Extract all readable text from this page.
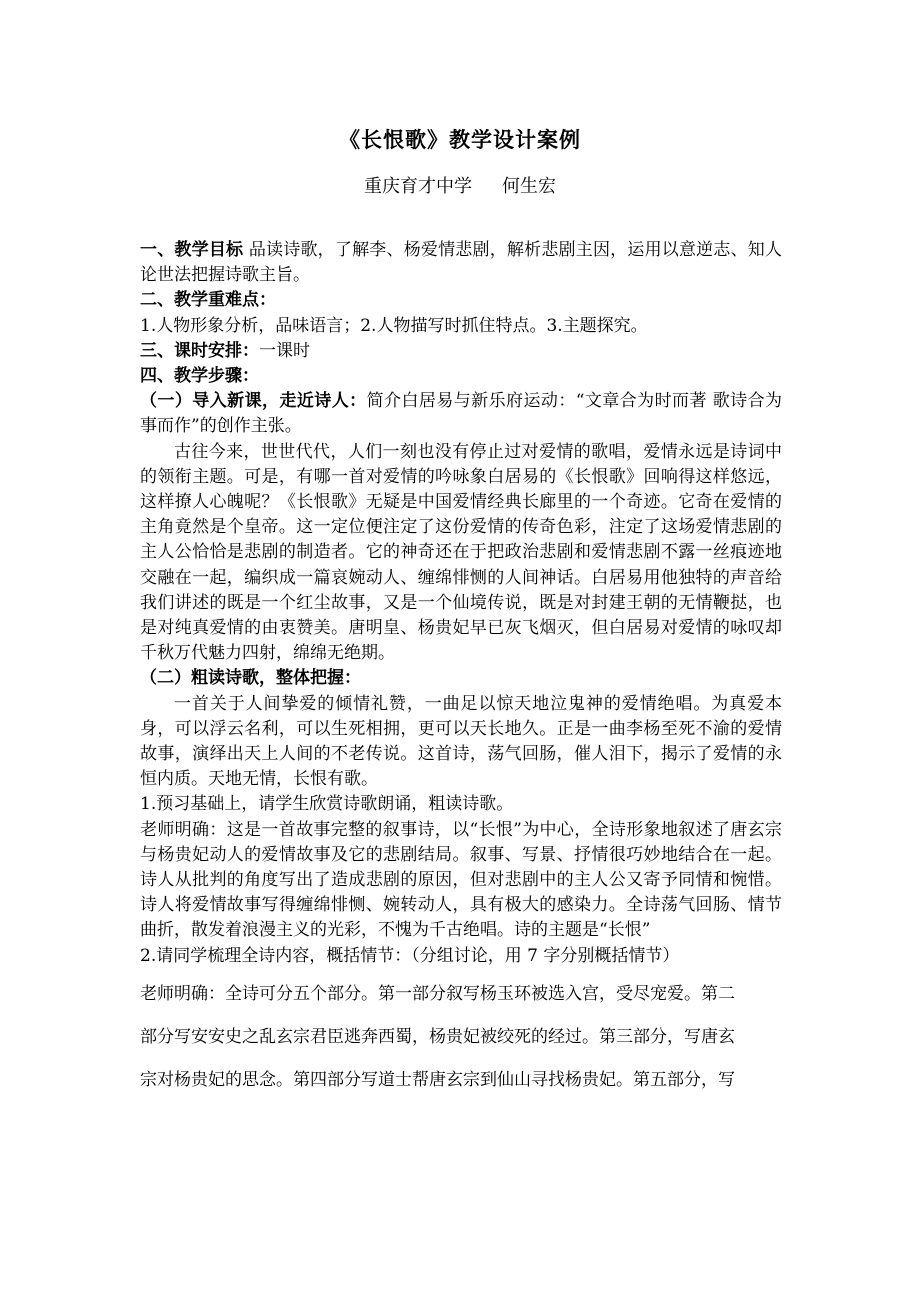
《长恨歌》教学设计案例
重庆育才中学 何生宏

一、教学目标 品读诗歌，了解李、杨爱情悲剧，解析悲剧主因，运用以意逆志、知人论世法把握诗歌主旨。

二、教学重难点：

1.人物形象分析，品味语言；2.人物描写时抓住特点。3.主题探究。

三、课时安排：一课时

四、教学步骤：

（一）导入新课，走近诗人：简介白居易与新乐府运动：“文章合为时而著 歌诗合为事而作”的创作主张。

古往今来，世世代代，人们一刻也没有停止过对爱情的歌唱，爱情永远是诗词中的领衔主题。可是，有哪一首对爱情的吟咏象白居易的《长恨歌》回响得这样悠远，这样撩人心魄呢？《长恨歌》无疑是中国爱情经典长廊里的一个奇迹。它奇在爱情的主角竟然是个皇帝。这一定位便注定了这份爱情的传奇色彩，注定了这场爱情悲剧的主人公恰恰是悲剧的制造者。它的神奇还在于把政治悲剧和爱情悲剧不露一丝痕迹地交融在一起，编织成一篇哀婉动人、缠绵悱恻的人间神话。白居易用他独特的声音给我们讲述的既是一个红尘故事，又是一个仙境传说，既是对封建王朝的无情鞭挞，也是对纯真爱情的由衷赞美。唐明皇、杨贵妃早已灰飞烟灭，但白居易对爱情的咏叹却千秋万代魅力四射，绵绵无绝期。

（二）粗读诗歌，整体把握：

一首关于人间挚爱的倾情礼赞，一曲足以惊天地泣鬼神的爱情绝唱。为真爱本身，可以浮云名利，可以生死相拥，更可以天长地久。正是一曲李杨至死不渝的爱情故事，演绎出天上人间的不老传说。这首诗，荡气回肠，催人泪下，揭示了爱情的永恒内质。天地无情，长恨有歌。

1.预习基础上，请学生欣赏诗歌朗诵，粗读诗歌。

老师明确：这是一首故事完整的叙事诗，以“长恨”为中心，全诗形象地叙述了唐玄宗与杨贵妃动人的爱情故事及它的悲剧结局。叙事、写景、抒情很巧妙地结合在一起。诗人从批判的角度写出了造成悲剧的原因，但对悲剧中的主人公又寄予同情和惋惜。诗人将爱情故事写得缠绵悱恻、婉转动人，具有极大的感染力。全诗荡气回肠、情节曲折，散发着浪漫主义的光彩，不愧为千古绝唱。诗的主题是“长恨”

2.请同学梳理全诗内容，概括情节：（分组讨论，用 7 字分别概括情节）

老师明确：全诗可分五个部分。第一部分叙写杨玉环被选入宫，受尽宠爱。第二

部分写安安史之乱玄宗君臣逃奔西蜀，杨贵妃被绞死的经过。第三部分，写唐玄

宗对杨贵妃的思念。第四部分写道士帮唐玄宗到仙山寻找杨贵妃。第五部分，写
